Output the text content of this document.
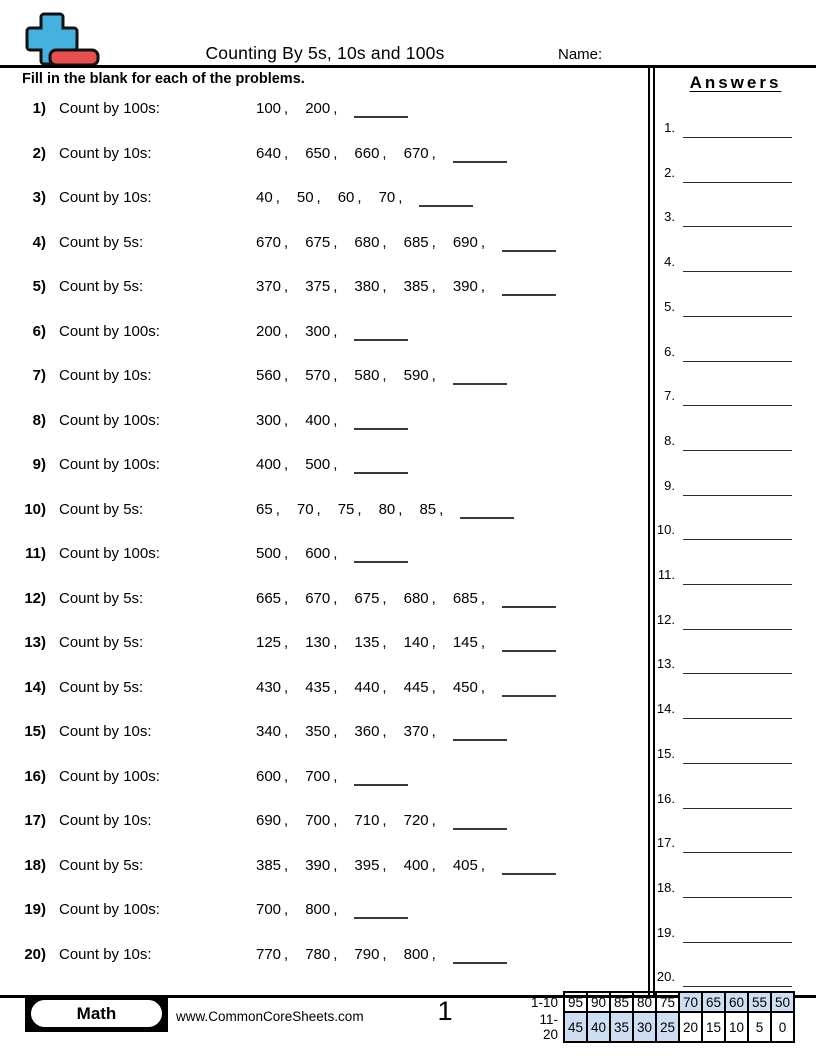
Counting By 5s, 10s and 100s	Name:
Fill in the blank for each of the problems.
1) Count by 100s:	100 , 200 ,
2) Count by 10s:	640 , 650 , 660 , 670 ,
3) Count by 10s:	40 , 50 , 60 , 70 ,
4) Count by 5s:	670 , 675 , 680 , 685 , 690 ,
5) Count by 5s:	370 , 375 , 380 , 385 , 390 ,
6) Count by 100s:	200 , 300 ,
7) Count by 10s:	560 , 570 , 580 , 590 ,
8) Count by 100s:	300 , 400 ,
9) Count by 100s:	400 , 500 ,
10) Count by 5s:	65 , 70 , 75 , 80 , 85 ,
11) Count by 100s:	500 , 600 ,
12) Count by 5s:	665 , 670 , 675 , 680 , 685 ,
13) Count by 5s:	125 , 130 , 135 , 140 , 145 ,
14) Count by 5s:	430 , 435 , 440 , 445 , 450 ,
15) Count by 10s:	340 , 350 , 360 , 370 ,
16) Count by 100s:	600 , 700 ,
17) Count by 10s:	690 , 700 , 710 , 720 ,
18) Count by 5s:	385 , 390 , 395 , 400 , 405 ,
19) Count by 100s:	700 , 800 ,
20) Count by 10s:	770 , 780 , 790 , 800 ,
Answers
1.
2.
3.
4.
5.
6.
7.
8.
9.
10.
11.
12.
13.
14.
15.
16.
17.
18.
19.
20.
Math	www.CommonCoreSheets.com	1	1-10	95	90	85	80	75	70	65	60	55	50
11-20	45	40	35	30	25	20	15	10	5	0
